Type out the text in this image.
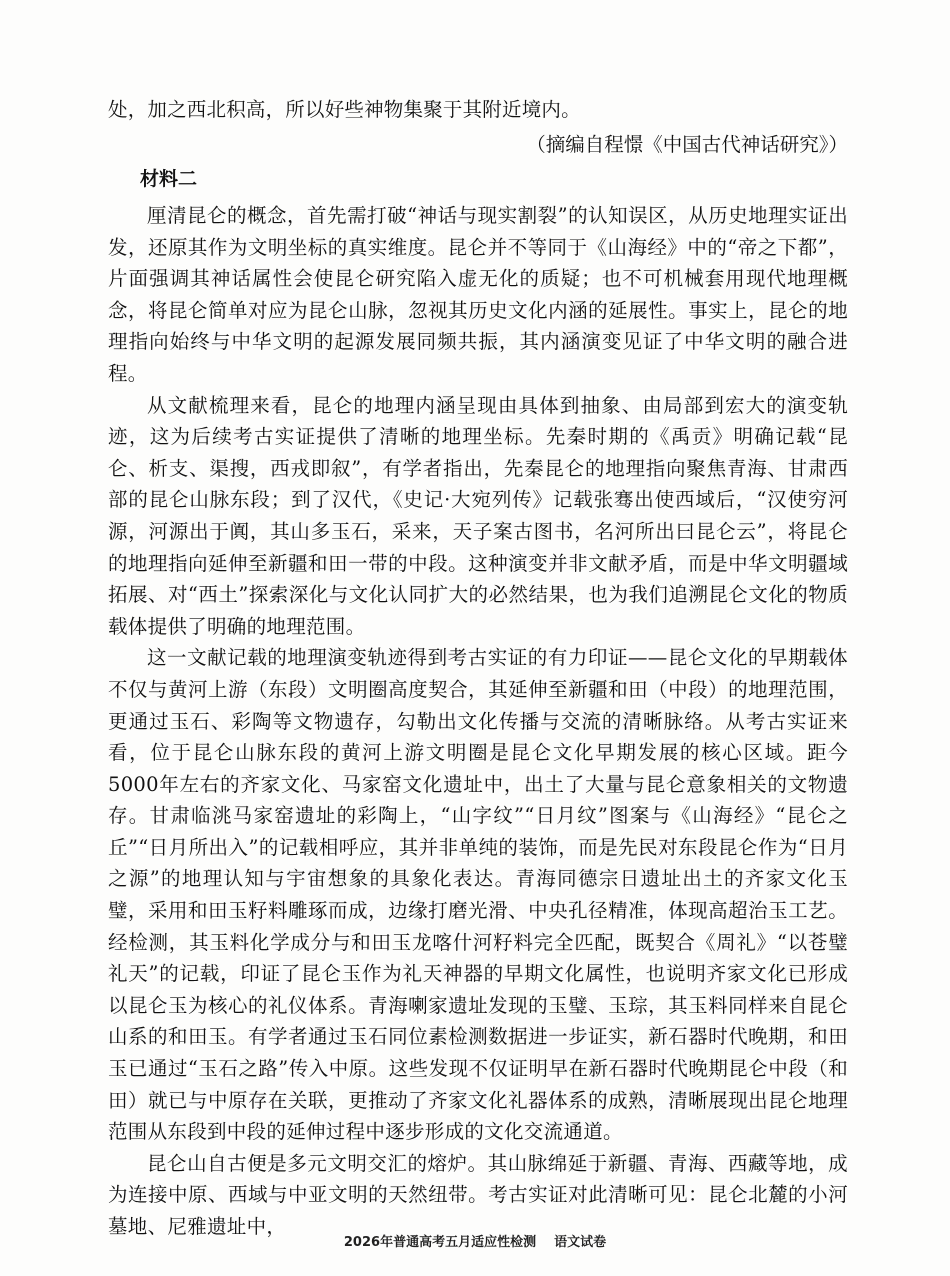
处，加之西北积高，所以好些神物集聚于其附近境内。

（摘编自程憬《中国古代神话研究》）

材料二

厘清昆仑的概念，首先需打破“神话与现实割裂”的认知误区，从历史地理实证出发，还原其作为文明坐标的真实维度。昆仑并不等同于《山海经》中的“帝之下都”，片面强调其神话属性会使昆仑研究陷入虚无化的质疑；也不可机械套用现代地理概念，将昆仑简单对应为昆仑山脉，忽视其历史文化内涵的延展性。事实上，昆仑的地理指向始终与中华文明的起源发展同频共振，其内涵演变见证了中华文明的融合进程。

从文献梳理来看，昆仑的地理内涵呈现由具体到抽象、由局部到宏大的演变轨迹，这为后续考古实证提供了清晰的地理坐标。先秦时期的《禹贡》明确记载“昆仑、析支、渠搜，西戎即叙”，有学者指出，先秦昆仑的地理指向聚焦青海、甘肃西部的昆仑山脉东段；到了汉代，《史记·大宛列传》记载张骞出使西域后，“汉使穷河源，河源出于阗，其山多玉石，采来，天子案古图书，名河所出曰昆仑云”，将昆仑的地理指向延伸至新疆和田一带的中段。这种演变并非文献矛盾，而是中华文明疆域拓展、对“西土”探索深化与文化认同扩大的必然结果，也为我们追溯昆仑文化的物质载体提供了明确的地理范围。

这一文献记载的地理演变轨迹得到考古实证的有力印证——昆仑文化的早期载体不仅与黄河上游（东段）文明圈高度契合，其延伸至新疆和田（中段）的地理范围，更通过玉石、彩陶等文物遗存，勾勒出文化传播与交流的清晰脉络。从考古实证来看，位于昆仑山脉东段的黄河上游文明圈是昆仑文化早期发展的核心区域。距今5000年左右的齐家文化、马家窑文化遗址中，出土了大量与昆仑意象相关的文物遗存。甘肃临洮马家窑遗址的彩陶上，“山字纹”“日月纹”图案与《山海经》“昆仑之丘”“日月所出入”的记载相呼应，其并非单纯的装饰，而是先民对东段昆仑作为“日月之源”的地理认知与宇宙想象的具象化表达。青海同德宗日遗址出土的齐家文化玉璧，采用和田玉籽料雕琢而成，边缘打磨光滑、中央孔径精准，体现高超治玉工艺。经检测，其玉料化学成分与和田玉龙喀什河籽料完全匹配，既契合《周礼》“以苍璧礼天”的记载，印证了昆仑玉作为礼天神器的早期文化属性，也说明齐家文化已形成以昆仑玉为核心的礼仪体系。青海喇家遗址发现的玉璧、玉琮，其玉料同样来自昆仑山系的和田玉。有学者通过玉石同位素检测数据进一步证实，新石器时代晚期，和田玉已通过“玉石之路”传入中原。这些发现不仅证明早在新石器时代晚期昆仑中段（和田）就已与中原存在关联，更推动了齐家文化礼器体系的成熟，清晰展现出昆仑地理范围从东段到中段的延伸过程中逐步形成的文化交流通道。

昆仑山自古便是多元文明交汇的熔炉。其山脉绵延于新疆、青海、西藏等地，成为连接中原、西域与中亚文明的天然纽带。考古实证对此清晰可见：昆仑北麓的小河墓地、尼雅遗址中，

2026年普通高考五月适应性检测 语文试卷
